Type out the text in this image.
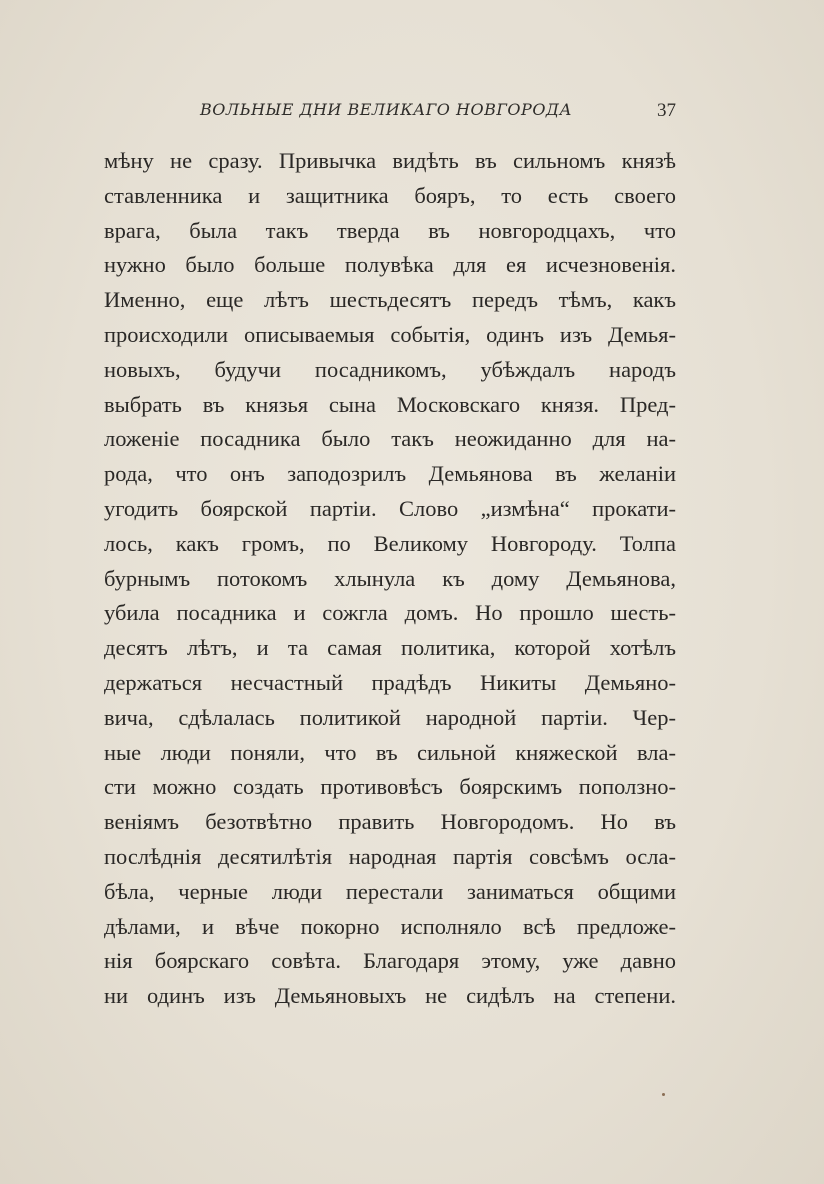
ВОЛЬНЫЕ ДНИ ВЕЛИКАГО НОВГОРОДА	37
мѣну не сразу. Привычка видѣть въ сильномъ князѣ
ставленника и защитника бояръ, то есть своего
врага, была такъ тверда въ новгородцахъ, что
нужно было больше полувѣка для ея исчезновенія.
Именно, еще лѣтъ шестьдесятъ передъ тѣмъ, какъ
происходили описываемыя событія, одинъ изъ Демья-
новыхъ, будучи посадникомъ, убѣждалъ народъ
выбрать въ князья сына Московскаго князя. Пред-
ложеніе посадника было такъ неожиданно для на-
рода, что онъ заподозрилъ Демьянова въ желаніи
угодить боярской партіи. Слово „измѣна“ прокати-
лось, какъ громъ, по Великому Новгороду. Толпа
бурнымъ потокомъ хлынула къ дому Демьянова,
убила посадника и сожгла домъ. Но прошло шесть-
десятъ лѣтъ, и та самая политика, которой хотѣлъ
держаться несчастный прадѣдъ Никиты Демьяно-
вича, сдѣлалась политикой народной партіи. Чер-
ные люди поняли, что въ сильной княжеской вла-
сти можно создать противовѣсъ боярскимъ поползно-
веніямъ безотвѣтно править Новгородомъ. Но въ
послѣднія десятилѣтія народная партія совсѣмъ осла-
бѣла, черные люди перестали заниматься общими
дѣлами, и вѣче покорно исполняло всѣ предложе-
нія боярскаго совѣта. Благодаря этому, уже давно
ни одинъ изъ Демьяновыхъ не сидѣлъ на степени.
